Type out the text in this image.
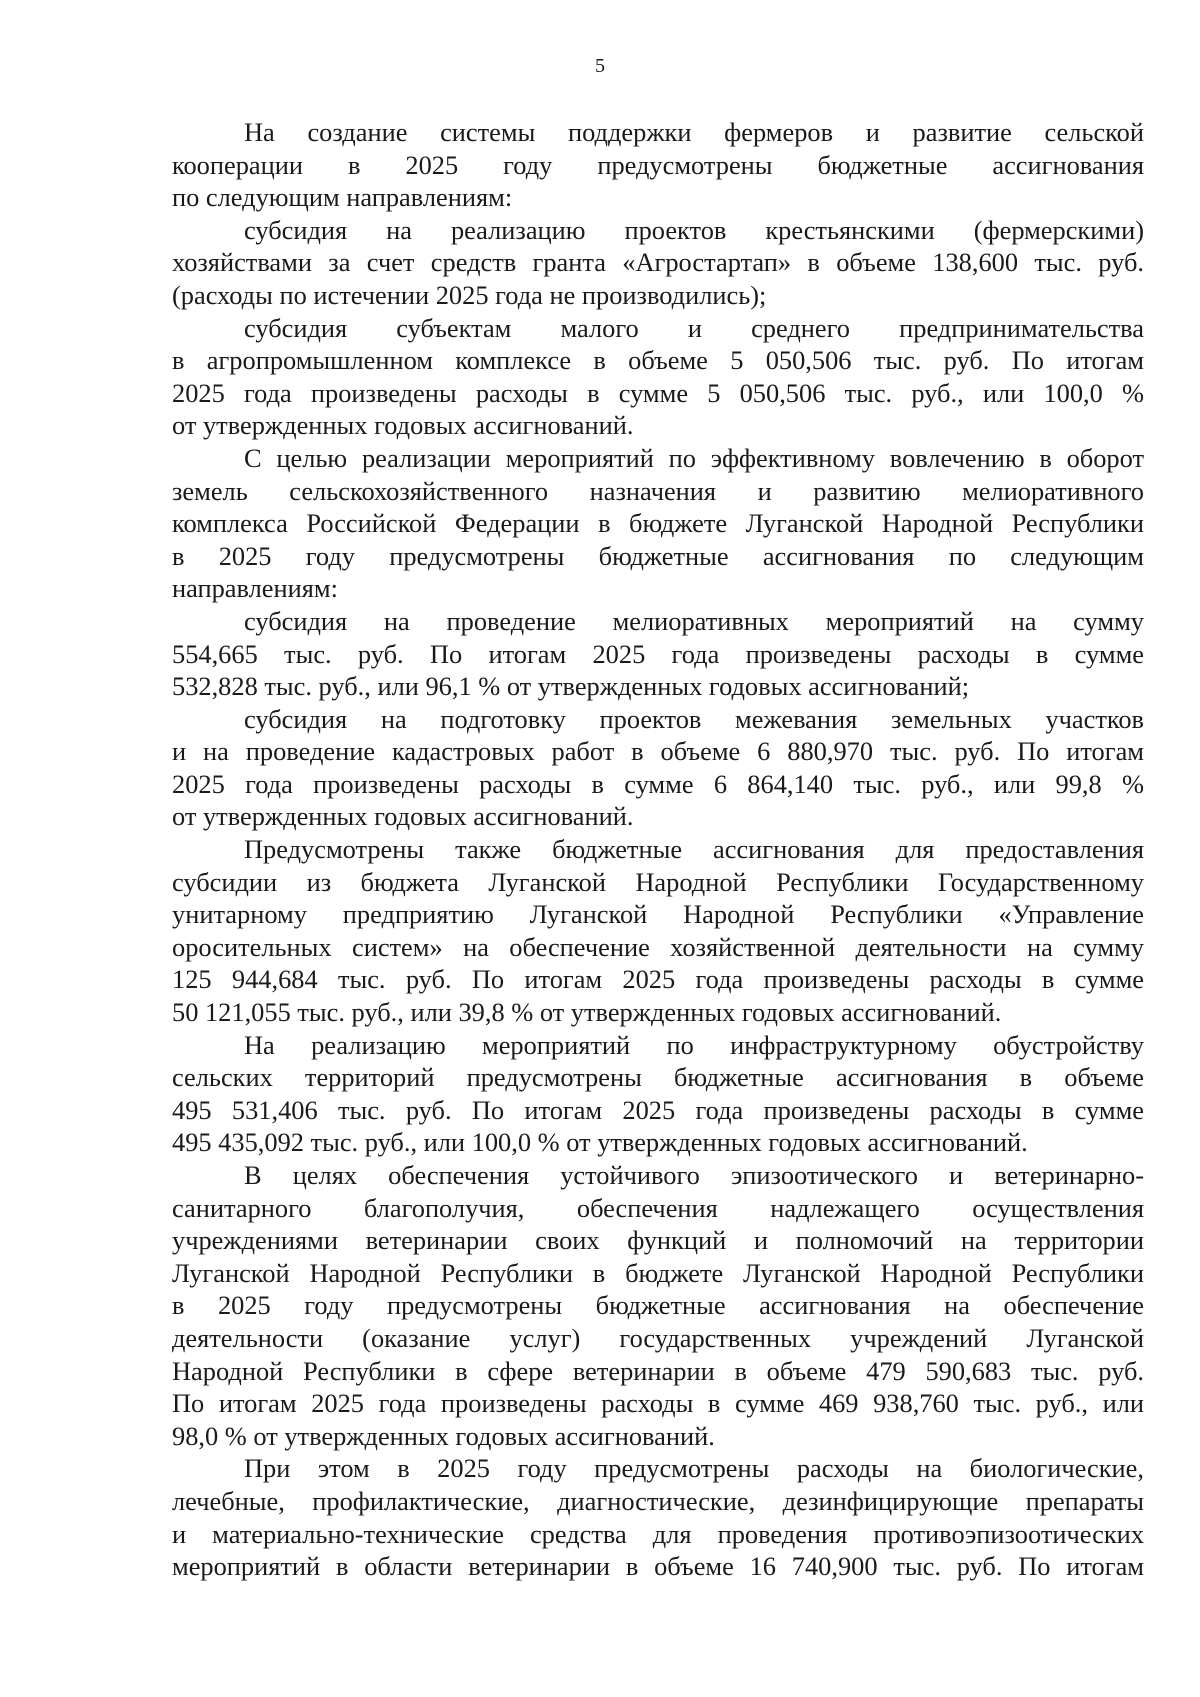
5

На создание системы поддержки фермеров и развитие сельской
кооперации в 2025 году предусмотрены бюджетные ассигнования
по следующим направлениям:

субсидия на реализацию проектов крестьянскими (фермерскими)
хозяйствами за счет средств гранта «Агростартап» в объеме 138,600 тыс. руб.
(расходы по истечении 2025 года не производились);

субсидия субъектам малого и среднего предпринимательства
в агропромышленном комплексе в объеме 5 050,506 тыс. руб. По итогам
2025 года произведены расходы в сумме 5 050,506 тыс. руб., или 100,0 %
от утвержденных годовых ассигнований.

С целью реализации мероприятий по эффективному вовлечению в оборот
земель сельскохозяйственного назначения и развитию мелиоративного
комплекса Российской Федерации в бюджете Луганской Народной Республики
в 2025 году предусмотрены бюджетные ассигнования по следующим
направлениям:

субсидия на проведение мелиоративных мероприятий на сумму
554,665 тыс. руб. По итогам 2025 года произведены расходы в сумме
532,828 тыс. руб., или 96,1 % от утвержденных годовых ассигнований;

субсидия на подготовку проектов межевания земельных участков
и на проведение кадастровых работ в объеме 6 880,970 тыс. руб. По итогам
2025 года произведены расходы в сумме 6 864,140 тыс. руб., или 99,8 %
от утвержденных годовых ассигнований.

Предусмотрены также бюджетные ассигнования для предоставления
субсидии из бюджета Луганской Народной Республики Государственному
унитарному предприятию Луганской Народной Республики «Управление
оросительных систем» на обеспечение хозяйственной деятельности на сумму
125 944,684 тыс. руб. По итогам 2025 года произведены расходы в сумме
50 121,055 тыс. руб., или 39,8 % от утвержденных годовых ассигнований.

На реализацию мероприятий по инфраструктурному обустройству
сельских территорий предусмотрены бюджетные ассигнования в объеме
495 531,406 тыс. руб. По итогам 2025 года произведены расходы в сумме
495 435,092 тыс. руб., или 100,0 % от утвержденных годовых ассигнований.

В целях обеспечения устойчивого эпизоотического и ветеринарно-
санитарного благополучия, обеспечения надлежащего осуществления
учреждениями ветеринарии своих функций и полномочий на территории
Луганской Народной Республики в бюджете Луганской Народной Республики
в 2025 году предусмотрены бюджетные ассигнования на обеспечение
деятельности (оказание услуг) государственных учреждений Луганской
Народной Республики в сфере ветеринарии в объеме 479 590,683 тыс. руб.
По итогам 2025 года произведены расходы в сумме 469 938,760 тыс. руб., или
98,0 % от утвержденных годовых ассигнований.

При этом в 2025 году предусмотрены расходы на биологические,
лечебные, профилактические, диагностические, дезинфицирующие препараты
и материально-технические средства для проведения противоэпизоотических
мероприятий в области ветеринарии в объеме 16 740,900 тыс. руб. По итогам
